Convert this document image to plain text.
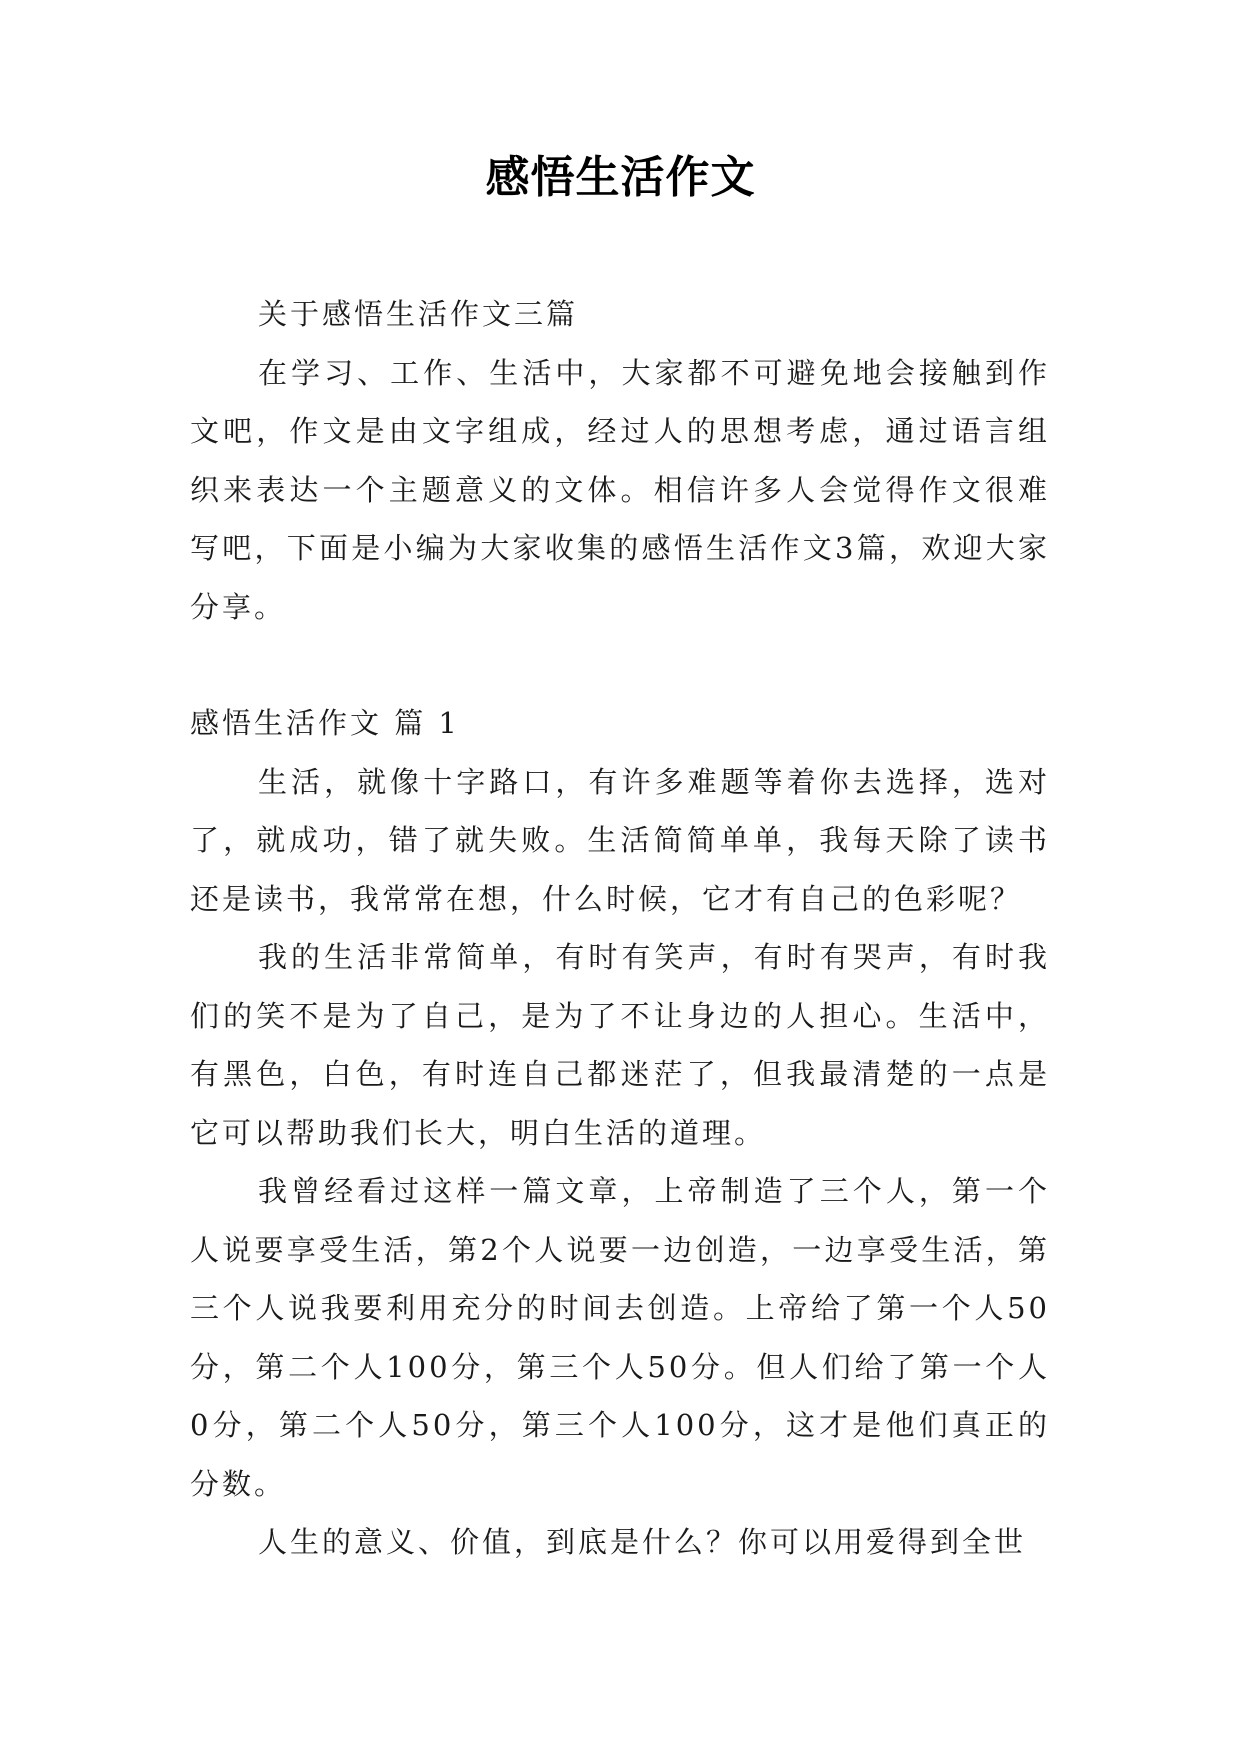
感悟生活作文

关于感悟生活作文三篇

在学习、工作、生活中，大家都不可避免地会接触到作文吧，作文是由文字组成，经过人的思想考虑，通过语言组织来表达一个主题意义的文体。相信许多人会觉得作文很难写吧，下面是小编为大家收集的感悟生活作文3篇，欢迎大家分享。

感悟生活作文 篇 1

生活，就像十字路口，有许多难题等着你去选择，选对了，就成功，错了就失败。生活简简单单，我每天除了读书还是读书，我常常在想，什么时候，它才有自己的色彩呢？

我的生活非常简单，有时有笑声，有时有哭声，有时我们的笑不是为了自己，是为了不让身边的人担心。生活中，有黑色，白色，有时连自己都迷茫了，但我最清楚的一点是它可以帮助我们长大，明白生活的道理。

我曾经看过这样一篇文章，上帝制造了三个人，第一个人说要享受生活，第2个人说要一边创造，一边享受生活，第三个人说我要利用充分的时间去创造。上帝给了第一个人50分，第二个人100分，第三个人50分。但人们给了第一个人0分，第二个人50分，第三个人100分，这才是他们真正的分数。

人生的意义、价值，到底是什么？你可以用爱得到全世
